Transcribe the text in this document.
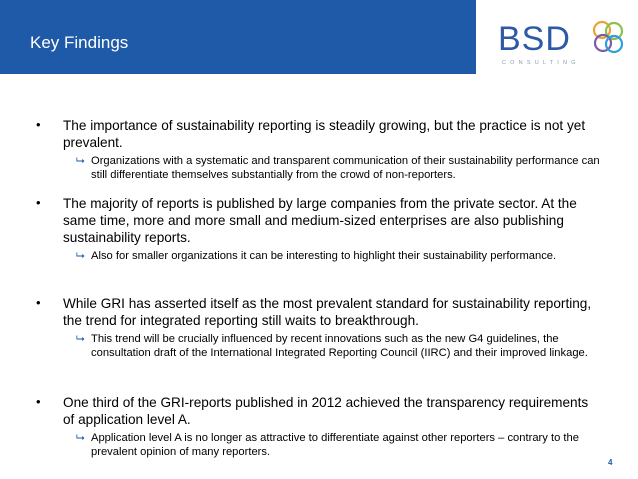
Key Findings	BSD
CONSULTING
• The importance of sustainability reporting is steadily growing, but the practice is not yet prevalent.
⮡ Organizations with a systematic and transparent communication of their sustainability performance can still differentiate themselves substantially from the crowd of non-reporters.
• The majority of reports is published by large companies from the private sector. At the same time, more and more small and medium-sized enterprises are also publishing sustainability reports.
⮡ Also for smaller organizations it can be interesting to highlight their sustainability performance.
• While GRI has asserted itself as the most prevalent standard for sustainability reporting, the trend for integrated reporting still waits to breakthrough.
⮡ This trend will be crucially influenced by recent innovations such as the new G4 guidelines, the consultation draft of the International Integrated Reporting Council (IIRC) and their improved linkage.
• One third of the GRI-reports published in 2012 achieved the transparency requirements of application level A.
⮡ Application level A is no longer as attractive to differentiate against other reporters – contrary to the prevalent opinion of many reporters.
4
